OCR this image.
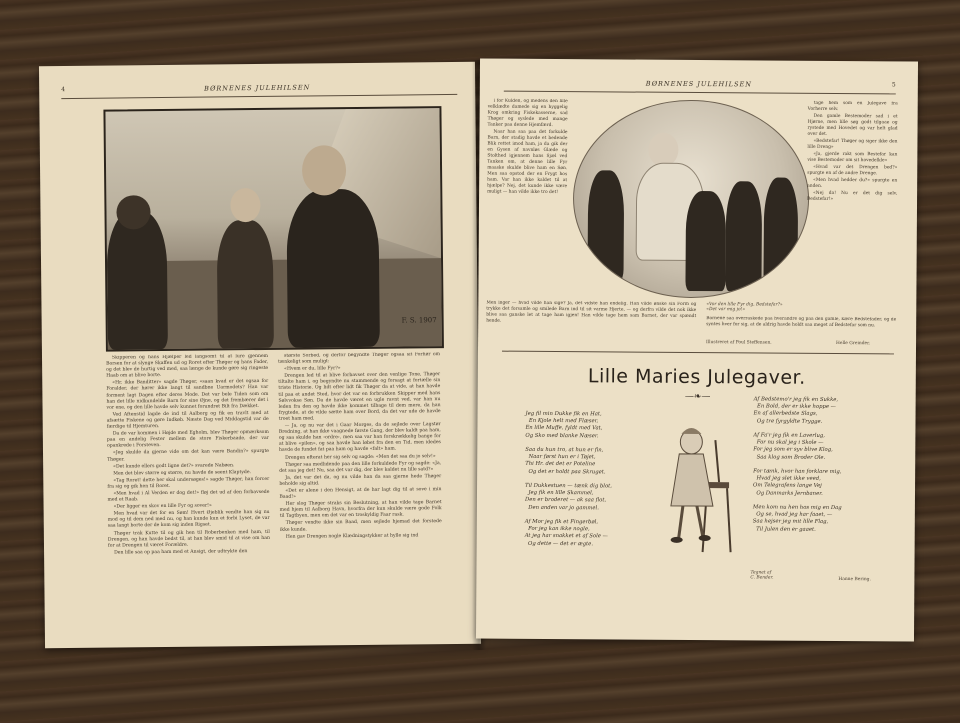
4	BØRNENES JULEHILSEN
F. S. 1907

Skipperen og hans Hjælper led langsomt til at lure gjennem Borsen for at slynge Skaffen ud og Roret efter Thøger og hans Fader, og det blev de hurtig ved med, saa længe de kunde gøre sig ringeste Haab om at blive borte.

«Hr. ikke Banditter» sagde Thøger, «saan kvad er det ogsaa for Foralder, der hører ikke langt til sandbne Uarmodets? Han var forment lagt Dagen efter deres Mode. Det var bele Tiden som om han det lille nidkundelde Barn for sine Øjne, og det frembærer det i vor ene, og den lille havde selv kunnet forundret Bilt fra Dækket.

Ved Aftenstid lagde de ind til Aalborg og fik en travlt med at afsætte Fiskene og gøre Indkøb. Næste Dag ved Middagstid var de færdige til Hjemturen.

Da de var kommen i Højde med Egholm, blev Thøger opmærksom paa en andelig Fester mellem de store Fiskerbaade, der var opankrede i Forsteven.

«Jeg skulde da gjerne vide om det kan være Bandin?» spurgte Thøger.

«Det kunde ellers godt ligne det?» svarede Nabøen.

Men det blev større og større, nu havde de seent Klaptyde.

«Tag Roret! dette her skal undersøges!» sagde Thøger, han forcer fra sig og gik hen til Roret.

«Men hvad i Al Verden er dog det!» fløj det ud af den forbavsede med et Raab.

«Der ligger en skov en lille Fyr og sover!»

Men hvad var det for en Søm! Hvert Øjeblik vendte han sig nu mod og til dem ned med nu, og han kunde kun et forbi Lyset, de var saa langt borte der de kom sig inden Rigset.

Thøger trak Kutte til og gik hen til Roberbenken med ham, til Drengen, og han havde bedst til, at han blev smid til at vise om han for at Drengen til været Forældre.

Den lille saa op paa ham med et Ansigt, der udtrykte den

største Sorbed, og derfor begyndte Thøger ogsaa sit Forhør om tænkeligt som muligt:

«Hvem er du, lille Fyr?»

Drengen led til at blive forbavset over den venlige Tone, Thøger tiltalte ham i, og begyndte nu stammende og forsagt at fortælle sin triste Historie. Og lidt efter lidt fik Thøger da at vide, at han havde til paa et andet Sted, hvor det var en forbrukken Skipper med hans Sølvvokse Søn. Da de havde været en ugle ravnt ved, var han nu leden fra den og havde ikke kommet tilbage til dem mere, da han frygtede, at de vilde sætte ham over Bord, da det var ude de havde troet ham med.

— Ja, og nu var det i Gaar Morges, da de sejlede over Lagstør Bredning, at han ikke vaagnede første Gang, der blev kaldt paa ham, og saa skulde han ‹ordre›, men saa var han forskrækkelig bange for at blive «pilen», og saa havde han løbet fra den en Tid, men idedes havde de fundet fat paa ham og havde «falt» ham.

Drengen efterat her sig selv og sagde: «Men det saa du jo selv!»

Thøger saa medlidende paa den lille forkuldede Fyr og sagde: «Ja, det saa jeg det! Nu, saa det var dig, der blev kaldet nu lille satd?»

Ja, det var det da, og nu vilde han da saa gjerne hede Thøger beholde sig altid.

«Det er alene i den Hensigt, at de har lagt dig til at sove i min Baad!»

Her slog Thøger straks sin Beslutning, at han vilde tage Barnet med hjem til Aalborg Havn, hvorfra der kun skulde være gode Folk til Tagtbyen, men om det var en troskyldig Faar rask.

Thøger vendte ikke sin Baad, men sejlede hjemad det forstede ikke kunde.

Hen gav Drengen nogle Klædningstykker at hylle sig ind

BØRNENES JULEHILSEN	5

i for Kulden, og medens den lille velklædte damede sig en hyggelig Krog omkring Fiskekasserne, sad Thøger og syslede med mange Tanker paa denne Hjemfærd.

Naar han saa paa det forkulde Barn, der stadig havde et bedende Blik rettet imod ham, ja da gik der en Gysen af navnløs Glæde og Stolthed igjennem hans Sjæl ved Tanken om, at denne lille Fyr maaske skulde blive ham en Søn. Men saa opstod der en Frygt hos ham. Var han ikke kaldet til at hjælpe? Nej, det kunde ikke være muligt — han vilde ikke tro det!

tage hem som en Julegave fra Vorherre selv.

Den gamle Bestemoder sad i et Hjørne, men lille søg godt tilgaae og rystede med Hovedet og var helt glad over det.

«Bedstefar! Thøger og siger ikke den lille Dreng»

«Ja, gjerde rakt som Bestefar kan vise Bestemoder om sit hovedelkle»

«Hvad var det Drengen bed?» spurgte en af de andre Drenge.

«Men hvad hedder du?» spurgte en anden.

«Nej da! Nu er det dig selv, Bedstefar!»

Men inger — hvad vilde han sige? Ja, det vidste han endelig. Han vilde ønske sin Form og trykke det forsamle og smilede Barn ind til sit varme Hjerte, — og derfra vilde det nok ikke blive saa ganske let at tage ham igjen! Han vilde tage hem sam Barnet, der var spændt hende.
«Vor den lille Fyr dig, Bedstefar?»
«Det var mig jo!»
Bornene saa overraskede paa hverandre og paa den gamle, kære Bedstefader, og de syntes hver for sig, at de aldrig havde holdt saa meget af Bedstefar som nu.
Illustreret af Poul Steffensen.	Helle Greinder.
Lille Maries Julegaver.
—❧—
Jeg fil min Dukke fik en Hat,
En Kjole helt med Flæser,
En lille Muffe, fyldt med Vat,
Og Sko med blanke Næser.

Saa du hun tro, at hun er fin,
Naar først hun er i Tøjet,
Thi Hr. det det er Poteline
Og det er holdt paa Skruget.

Til Dukkestuen — tænk dig blot,
Jeg fik en lille Skammel,
Den er broderet — ak saa flot,
Den anden var jo gammel.

Af Mor jeg fik et Fingerbøl,
For jeg kan ikke nogle,
At jeg har snakket et af Sole —
Og dette — det er ægte.
Af Bedstemo'r jeg fik en Sukke,
En Bold, der er ikke hoppe —
En af allerbedste Slags,
Og tre fyrgyldte Trygge.

Af Fa'r jeg fik en Laverlug,
For nu skal jeg i Skole —
For jeg som er syv blive Klog,
Saa klog som Broder Ole.

For tænk, hvor han forklare mig,
Hvad jeg slet ikke veed,
Om Telegrafens lange Vej
Og Danmarks Jernbaner.

Men kom nu hen hos mig en Dag
Og se, hvad jeg har faaet, —
Saa hejser jeg mit lille Flag,
Til Julen den er gaaet.
Tegnet af
C. Bender.	Hanne Bering.
